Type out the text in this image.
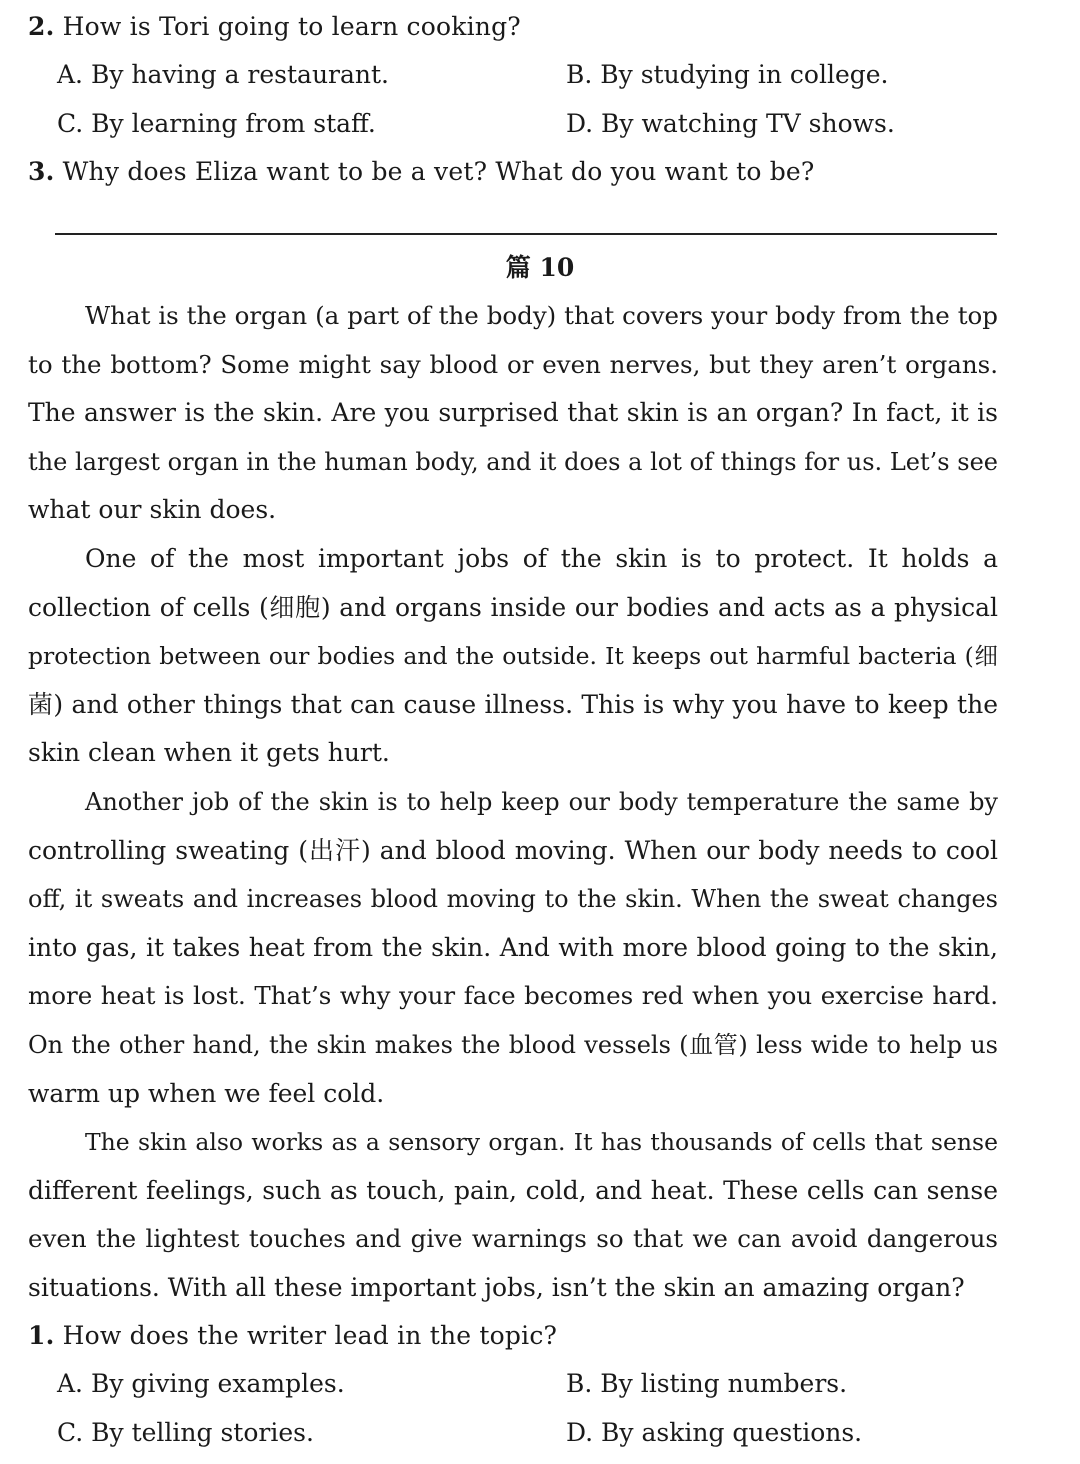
2. How is Tori going to learn cooking?
A. By having a restaurant.	B. By studying in college.
C. By learning from staff.	D. By watching TV shows.
3. Why does Eliza want to be a vet? What do you want to be?
篇 10
What is the organ (a part of the body) that covers your body from the top
to the bottom? Some might say blood or even nerves, but they aren’t organs.
The answer is the skin. Are you surprised that skin is an organ? In fact, it is
the largest organ in the human body, and it does a lot of things for us. Let’s see
what our skin does.
One of the most important jobs of the skin is to protect. It holds a
collection of cells (细胞) and organs inside our bodies and acts as a physical
protection between our bodies and the outside. It keeps out harmful bacteria (细
菌) and other things that can cause illness. This is why you have to keep the
skin clean when it gets hurt.
Another job of the skin is to help keep our body temperature the same by
controlling sweating (出汗) and blood moving. When our body needs to cool
off, it sweats and increases blood moving to the skin. When the sweat changes
into gas, it takes heat from the skin. And with more blood going to the skin,
more heat is lost. That’s why your face becomes red when you exercise hard.
On the other hand, the skin makes the blood vessels (血管) less wide to help us
warm up when we feel cold.
The skin also works as a sensory organ. It has thousands of cells that sense
different feelings, such as touch, pain, cold, and heat. These cells can sense
even the lightest touches and give warnings so that we can avoid dangerous
situations. With all these important jobs, isn’t the skin an amazing organ?
1. How does the writer lead in the topic?
A. By giving examples.	B. By listing numbers.
C. By telling stories.	D. By asking questions.
